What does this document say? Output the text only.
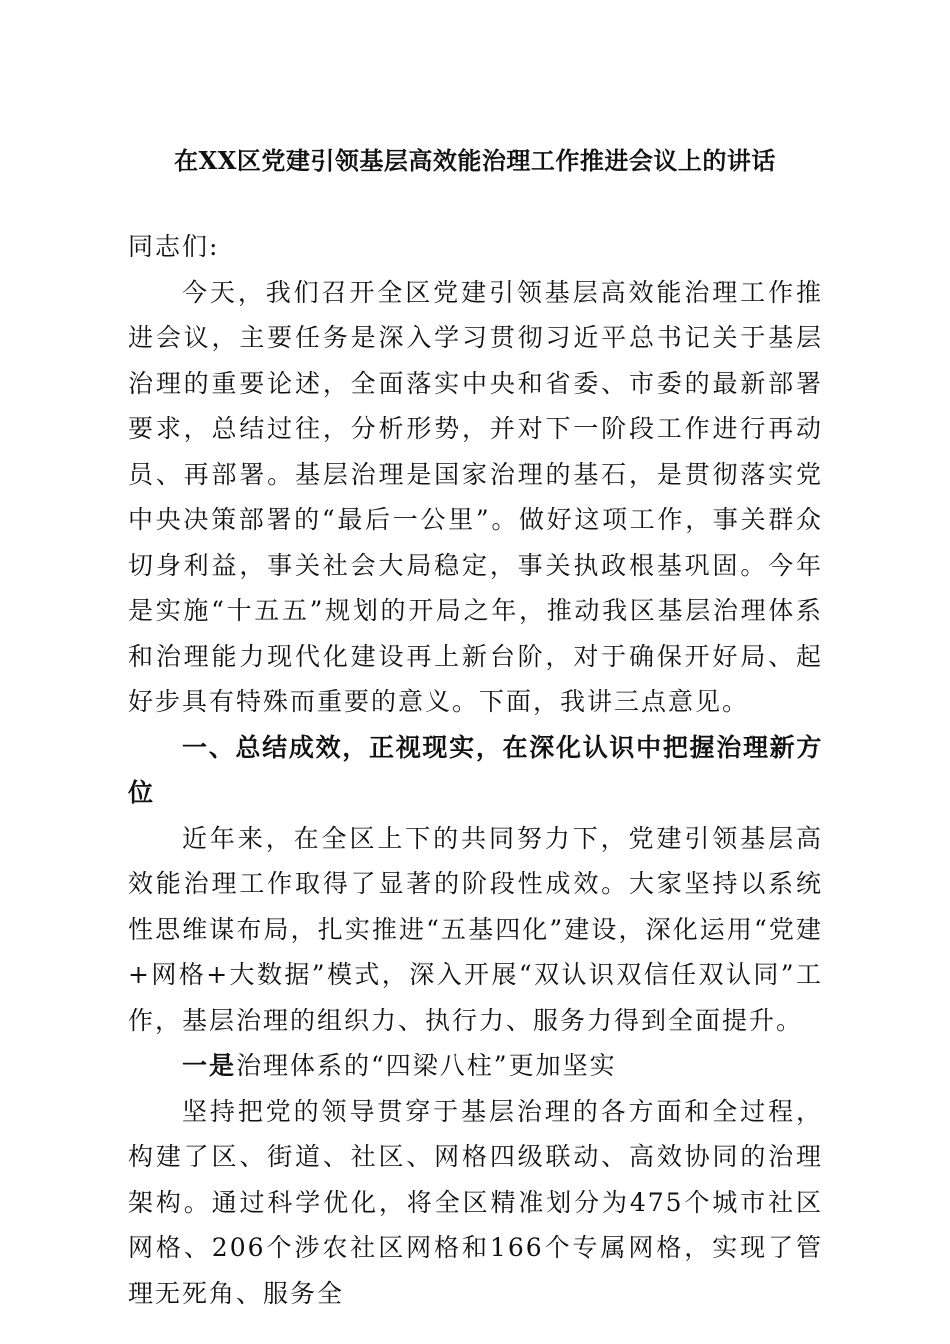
在XX区党建引领基层高效能治理工作推进会议上的讲话

同志们:

今天，我们召开全区党建引领基层高效能治理工作推进会议，主要任务是深入学习贯彻习近平总书记关于基层治理的重要论述，全面落实中央和省委、市委的最新部署要求，总结过往，分析形势，并对下一阶段工作进行再动员、再部署。基层治理是国家治理的基石，是贯彻落实党中央决策部署的“最后一公里”。做好这项工作，事关群众切身利益，事关社会大局稳定，事关执政根基巩固。今年是实施“十五五”规划的开局之年，推动我区基层治理体系和治理能力现代化建设再上新台阶，对于确保开好局、起好步具有特殊而重要的意义。下面，我讲三点意见。

一、总结成效，正视现实，在深化认识中把握治理新方位

近年来，在全区上下的共同努力下，党建引领基层高效能治理工作取得了显著的阶段性成效。大家坚持以系统性思维谋布局，扎实推进“五基四化”建设，深化运用“党建+网格+大数据”模式，深入开展“双认识双信任双认同”工作，基层治理的组织力、执行力、服务力得到全面提升。

一是治理体系的“四梁八柱”更加坚实

坚持把党的领导贯穿于基层治理的各方面和全过程，构建了区、街道、社区、网格四级联动、高效协同的治理架构。通过科学优化，将全区精准划分为475个城市社区网格、206个涉农社区网格和166个专属网格，实现了管理无死角、服务全
